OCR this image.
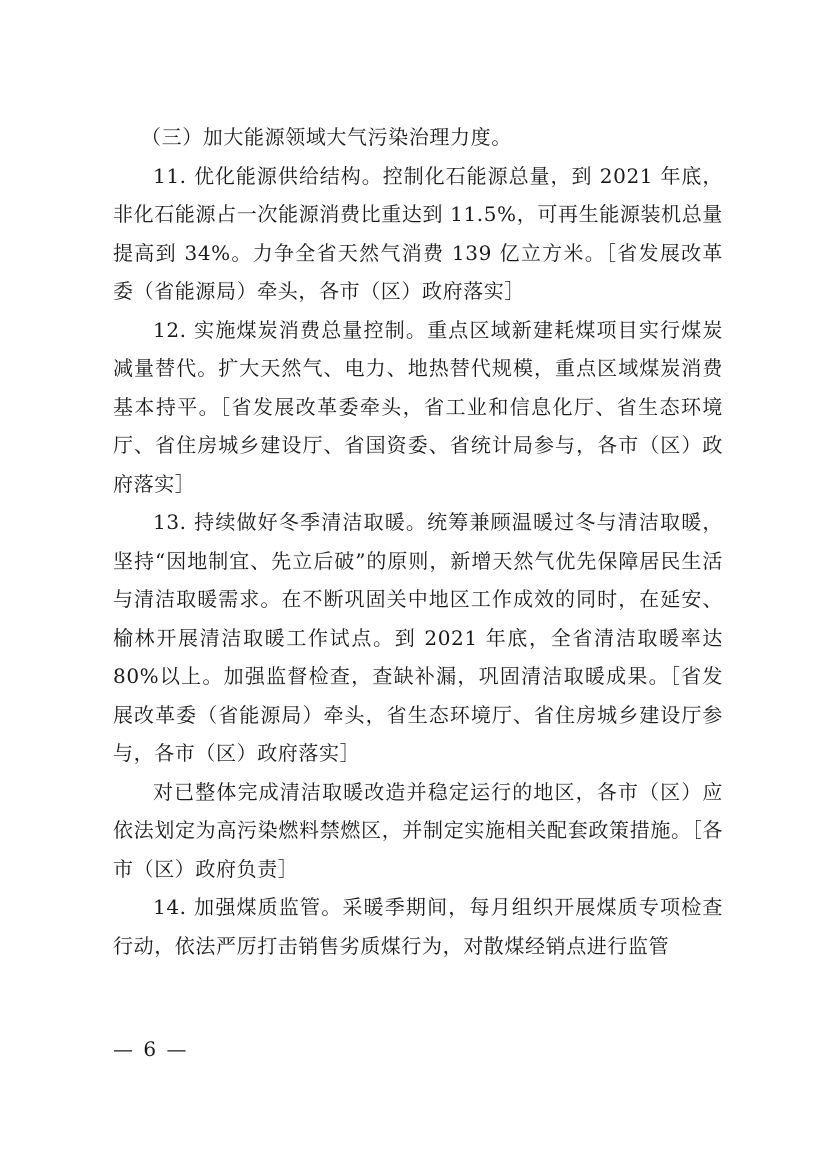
（三）加大能源领域大气污染治理力度。

11. 优化能源供给结构。控制化石能源总量，到 2021 年底，非化石能源占一次能源消费比重达到 11.5%，可再生能源装机总量提高到 34%。力争全省天然气消费 139 亿立方米。［省发展改革委（省能源局）牵头，各市（区）政府落实］

12. 实施煤炭消费总量控制。重点区域新建耗煤项目实行煤炭减量替代。扩大天然气、电力、地热替代规模，重点区域煤炭消费基本持平。［省发展改革委牵头，省工业和信息化厅、省生态环境厅、省住房城乡建设厅、省国资委、省统计局参与，各市（区）政府落实］

13. 持续做好冬季清洁取暖。统筹兼顾温暖过冬与清洁取暖，坚持“因地制宜、先立后破”的原则，新增天然气优先保障居民生活与清洁取暖需求。在不断巩固关中地区工作成效的同时，在延安、榆林开展清洁取暖工作试点。到 2021 年底，全省清洁取暖率达 80%以上。加强监督检查，查缺补漏，巩固清洁取暖成果。［省发展改革委（省能源局）牵头，省生态环境厅、省住房城乡建设厅参与，各市（区）政府落实］

对已整体完成清洁取暖改造并稳定运行的地区，各市（区）应依法划定为高污染燃料禁燃区，并制定实施相关配套政策措施。［各市（区）政府负责］

14. 加强煤质监管。采暖季期间，每月组织开展煤质专项检查行动，依法严厉打击销售劣质煤行为，对散煤经销点进行监管

— 6 —
